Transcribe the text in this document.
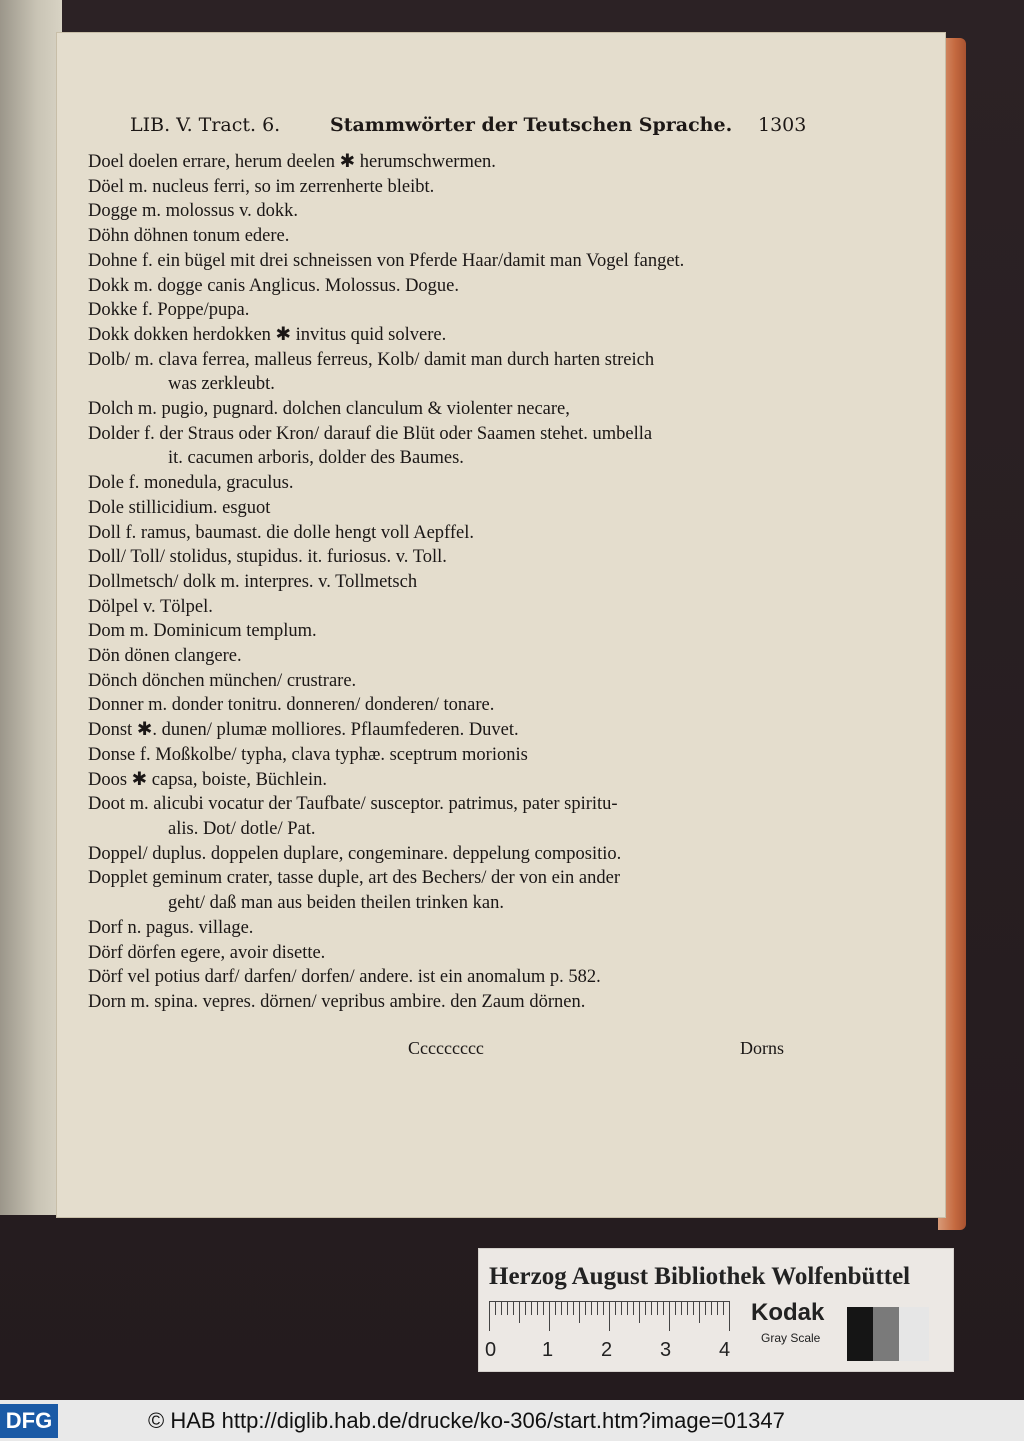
LIB. V. Tract. 6.	Stammwörter der Teutschen Sprache. 1303
Doel doelen errare, herum deelen ✱ herumschwermen.
Döel m. nucleus ferri, so im zerrenherte bleibt.
Dogge m. molossus v. dokk.
Döhn döhnen tonum edere.
Dohne f. ein bügel mit drei schneissen von Pferde Haar/damit man Vogel fanget.
Dokk m. dogge canis Anglicus. Molossus. Dogue.
Dokke f. Poppe/pupa.
Dokk dokken herdokken ✱ invitus quid solvere.
Dolb/ m. clava ferrea, malleus ferreus, Kolb/ damit man durch harten streich
was zerkleubt.
Dolch m. pugio, pugnard. dolchen clanculum & violenter necare,
Dolder f. der Straus oder Kron/ darauf die Blüt oder Saamen stehet. umbella
it. cacumen arboris, dolder des Baumes.
Dole f. monedula, graculus.
Dole stillicidium. esguot
Doll f. ramus, baumast. die dolle hengt voll Aepffel.
Doll/ Toll/ stolidus, stupidus. it. furiosus. v. Toll.
Dollmetsch/ dolk m. interpres. v. Tollmetsch
Dölpel v. Tölpel.
Dom m. Dominicum templum.
Dön dönen clangere.
Dönch dönchen münchen/ crustrare.
Donner m. donder tonitru. donneren/ donderen/ tonare.
Donst ✱. dunen/ plumæ molliores. Pflaumfederen. Duvet.
Donse f. Moßkolbe/ typha, clava typhæ. sceptrum morionis
Doos ✱ capsa, boiste, Büchlein.
Doot m. alicubi vocatur der Taufbate/ susceptor. patrimus, pater spiritu-
alis. Dot/ dotle/ Pat.
Doppel/ duplus. doppelen duplare, congeminare. deppelung compositio.
Dopplet geminum crater, tasse duple, art des Bechers/ der von ein ander
geht/ daß man aus beiden theilen trinken kan.
Dorf n. pagus. village.
Dörf dörfen egere, avoir disette.
Dörf vel potius darf/ darfen/ dorfen/ andere. ist ein anomalum p. 582.
Dorn m. spina. vepres. dörnen/ vepribus ambire. den Zaum dörnen.
Ccccccccc	Dorns
Herzog August Bibliothek Wolfenbüttel
0 1 2 3 4
Kodak
Gray Scale
DFG	© HAB http://diglib.hab.de/drucke/ko-306/start.htm?image=01347
